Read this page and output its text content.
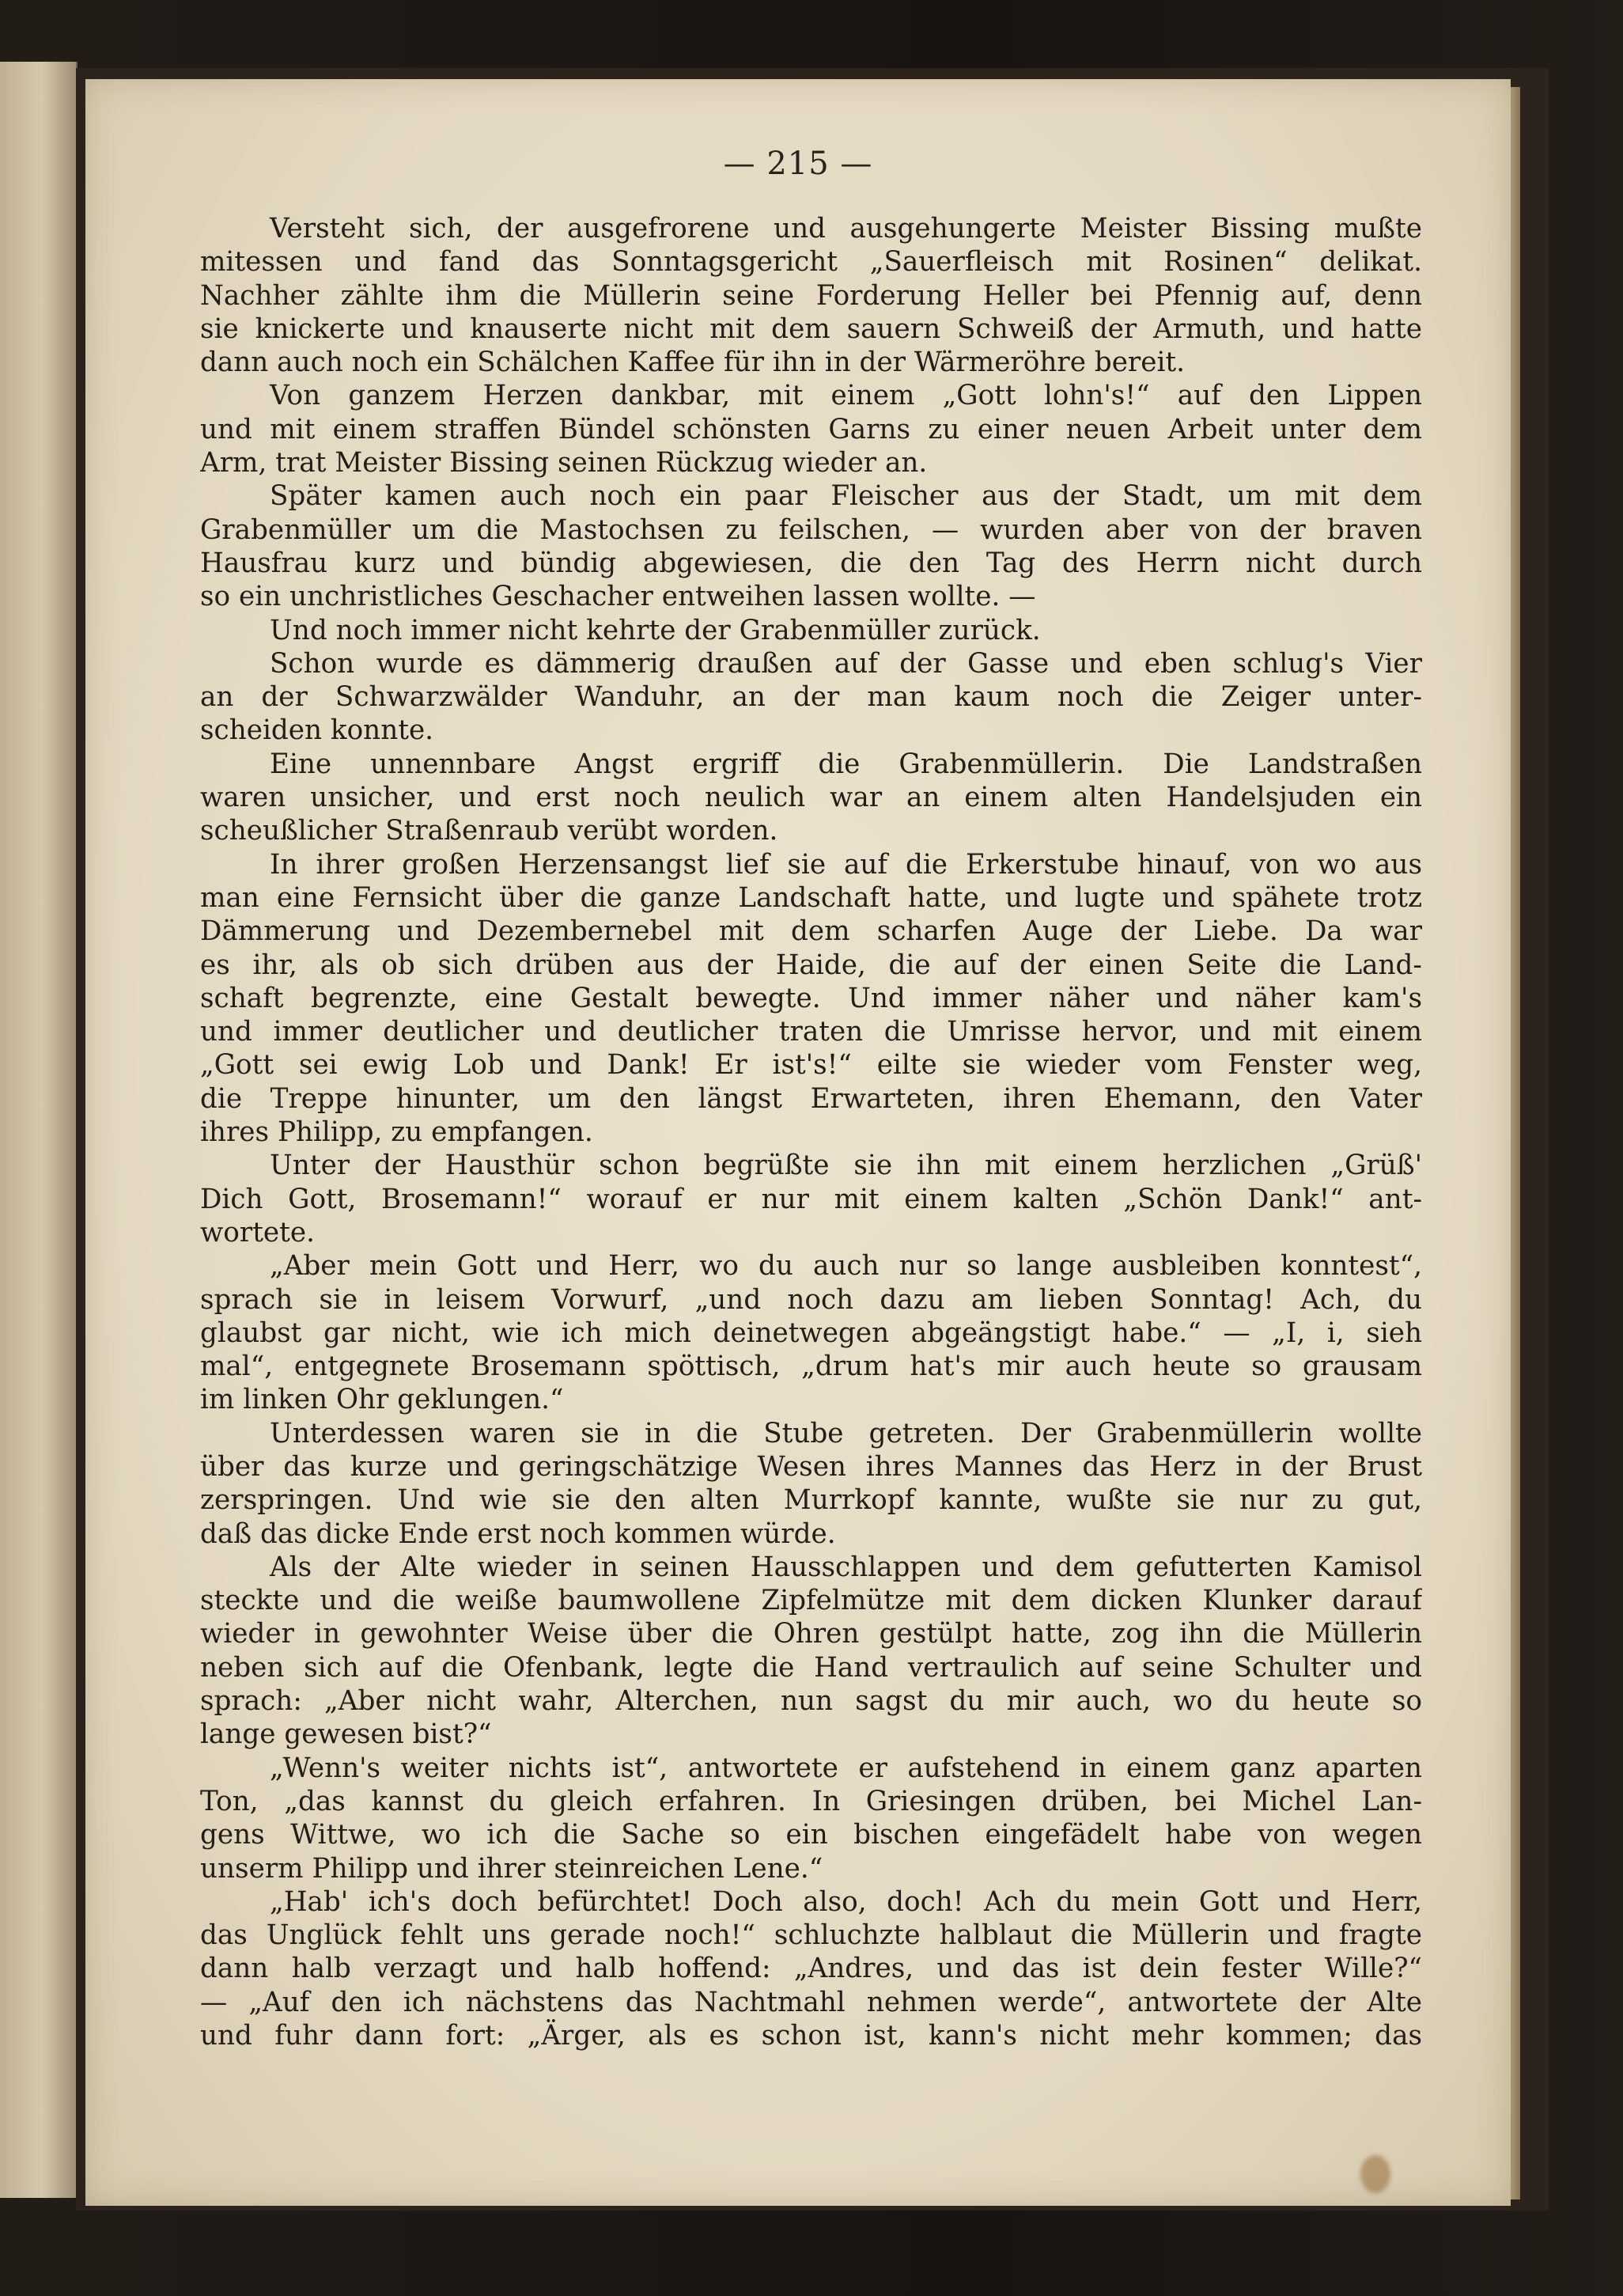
— 215 —
Versteht sich, der ausgefrorene und ausgehungerte Meister Bissing mußte
mitessen und fand das Sonntagsgericht „Sauerfleisch mit Rosinen“ delikat.
Nachher zählte ihm die Müllerin seine Forderung Heller bei Pfennig auf, denn
sie knickerte und knauserte nicht mit dem sauern Schweiß der Armuth, und hatte
dann auch noch ein Schälchen Kaffee für ihn in der Wärmeröhre bereit.
Von ganzem Herzen dankbar, mit einem „Gott lohn's!“ auf den Lippen
und mit einem straffen Bündel schönsten Garns zu einer neuen Arbeit unter dem
Arm, trat Meister Bissing seinen Rückzug wieder an.
Später kamen auch noch ein paar Fleischer aus der Stadt, um mit dem
Grabenmüller um die Mastochsen zu feilschen, — wurden aber von der braven
Hausfrau kurz und bündig abgewiesen, die den Tag des Herrn nicht durch
so ein unchristliches Geschacher entweihen lassen wollte. —
Und noch immer nicht kehrte der Grabenmüller zurück.
Schon wurde es dämmerig draußen auf der Gasse und eben schlug's Vier
an der Schwarzwälder Wanduhr, an der man kaum noch die Zeiger unter-
scheiden konnte.
Eine unnennbare Angst ergriff die Grabenmüllerin. Die Landstraßen
waren unsicher, und erst noch neulich war an einem alten Handelsjuden ein
scheußlicher Straßenraub verübt worden.
In ihrer großen Herzensangst lief sie auf die Erkerstube hinauf, von wo aus
man eine Fernsicht über die ganze Landschaft hatte, und lugte und spähete trotz
Dämmerung und Dezembernebel mit dem scharfen Auge der Liebe. Da war
es ihr, als ob sich drüben aus der Haide, die auf der einen Seite die Land-
schaft begrenzte, eine Gestalt bewegte. Und immer näher und näher kam's
und immer deutlicher und deutlicher traten die Umrisse hervor, und mit einem
„Gott sei ewig Lob und Dank! Er ist's!“ eilte sie wieder vom Fenster weg,
die Treppe hinunter, um den längst Erwarteten, ihren Ehemann, den Vater
ihres Philipp, zu empfangen.
Unter der Hausthür schon begrüßte sie ihn mit einem herzlichen „Grüß'
Dich Gott, Brosemann!“ worauf er nur mit einem kalten „Schön Dank!“ ant-
wortete.
„Aber mein Gott und Herr, wo du auch nur so lange ausbleiben konntest“,
sprach sie in leisem Vorwurf, „und noch dazu am lieben Sonntag! Ach, du
glaubst gar nicht, wie ich mich deinetwegen abgeängstigt habe.“ — „I, i, sieh
mal“, entgegnete Brosemann spöttisch, „drum hat's mir auch heute so grausam
im linken Ohr geklungen.“
Unterdessen waren sie in die Stube getreten. Der Grabenmüllerin wollte
über das kurze und geringschätzige Wesen ihres Mannes das Herz in der Brust
zerspringen. Und wie sie den alten Murrkopf kannte, wußte sie nur zu gut,
daß das dicke Ende erst noch kommen würde.
Als der Alte wieder in seinen Hausschlappen und dem gefutterten Kamisol
steckte und die weiße baumwollene Zipfelmütze mit dem dicken Klunker darauf
wieder in gewohnter Weise über die Ohren gestülpt hatte, zog ihn die Müllerin
neben sich auf die Ofenbank, legte die Hand vertraulich auf seine Schulter und
sprach: „Aber nicht wahr, Alterchen, nun sagst du mir auch, wo du heute so
lange gewesen bist?“
„Wenn's weiter nichts ist“, antwortete er aufstehend in einem ganz aparten
Ton, „das kannst du gleich erfahren. In Griesingen drüben, bei Michel Lan-
gens Wittwe, wo ich die Sache so ein bischen eingefädelt habe von wegen
unserm Philipp und ihrer steinreichen Lene.“
„Hab' ich's doch befürchtet! Doch also, doch! Ach du mein Gott und Herr,
das Unglück fehlt uns gerade noch!“ schluchzte halblaut die Müllerin und fragte
dann halb verzagt und halb hoffend: „Andres, und das ist dein fester Wille?“
— „Auf den ich nächstens das Nachtmahl nehmen werde“, antwortete der Alte
und fuhr dann fort: „Ärger, als es schon ist, kann's nicht mehr kommen; das
